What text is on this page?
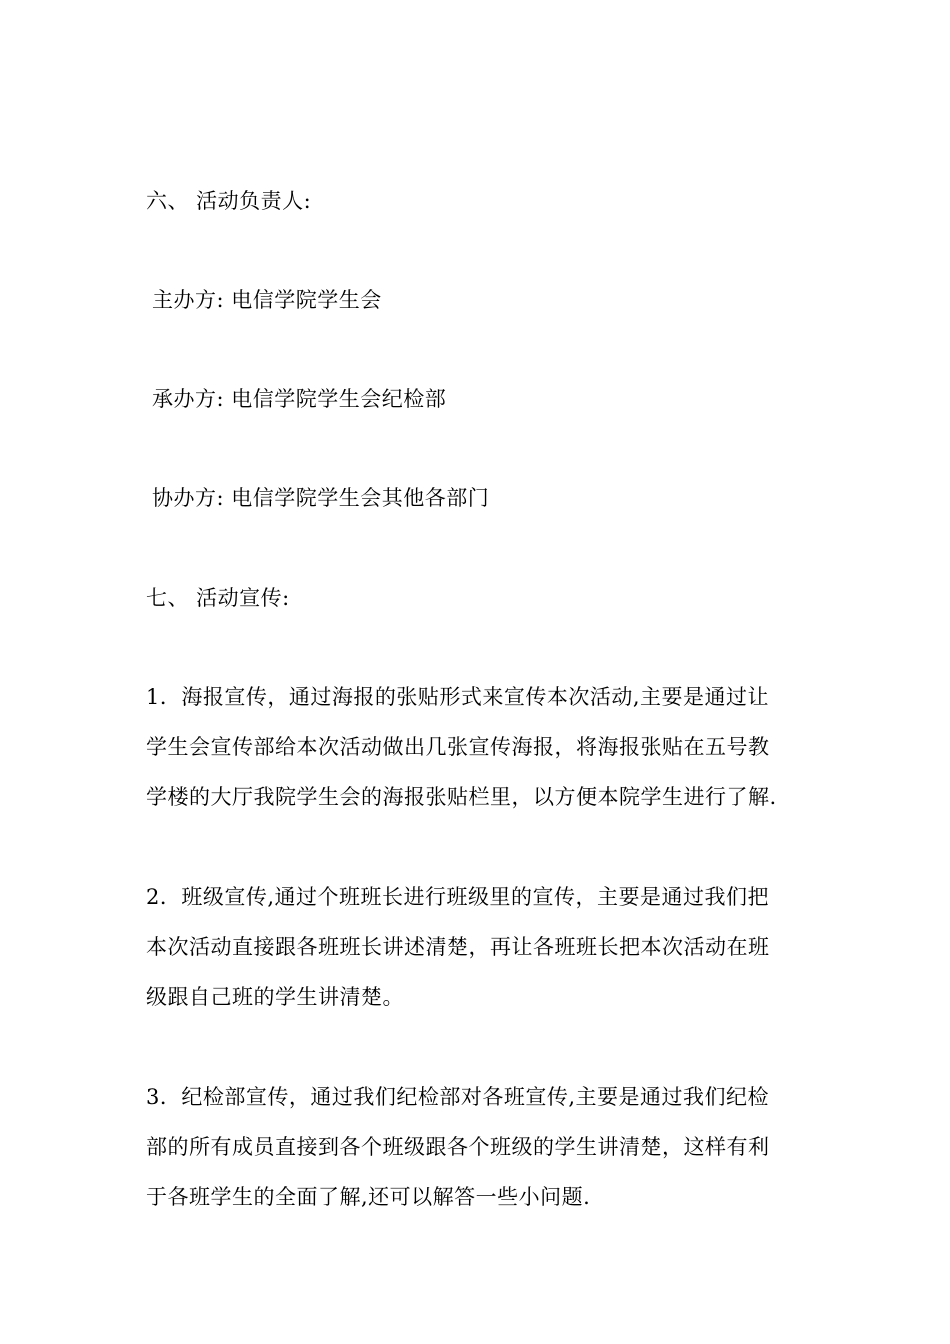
六、 活动负责人:
主办方: 电信学院学生会
承办方: 电信学院学生会纪检部
协办方: 电信学院学生会其他各部门
七、 活动宣传:
1．海报宣传，通过海报的张贴形式来宣传本次活动,主要是通过让
学生会宣传部给本次活动做出几张宣传海报，将海报张贴在五号教
学楼的大厅我院学生会的海报张贴栏里，以方便本院学生进行了解.
2．班级宣传,通过个班班长进行班级里的宣传，主要是通过我们把
本次活动直接跟各班班长讲述清楚，再让各班班长把本次活动在班
级跟自己班的学生讲清楚。
3．纪检部宣传，通过我们纪检部对各班宣传,主要是通过我们纪检
部的所有成员直接到各个班级跟各个班级的学生讲清楚，这样有利
于各班学生的全面了解,还可以解答一些小问题.
